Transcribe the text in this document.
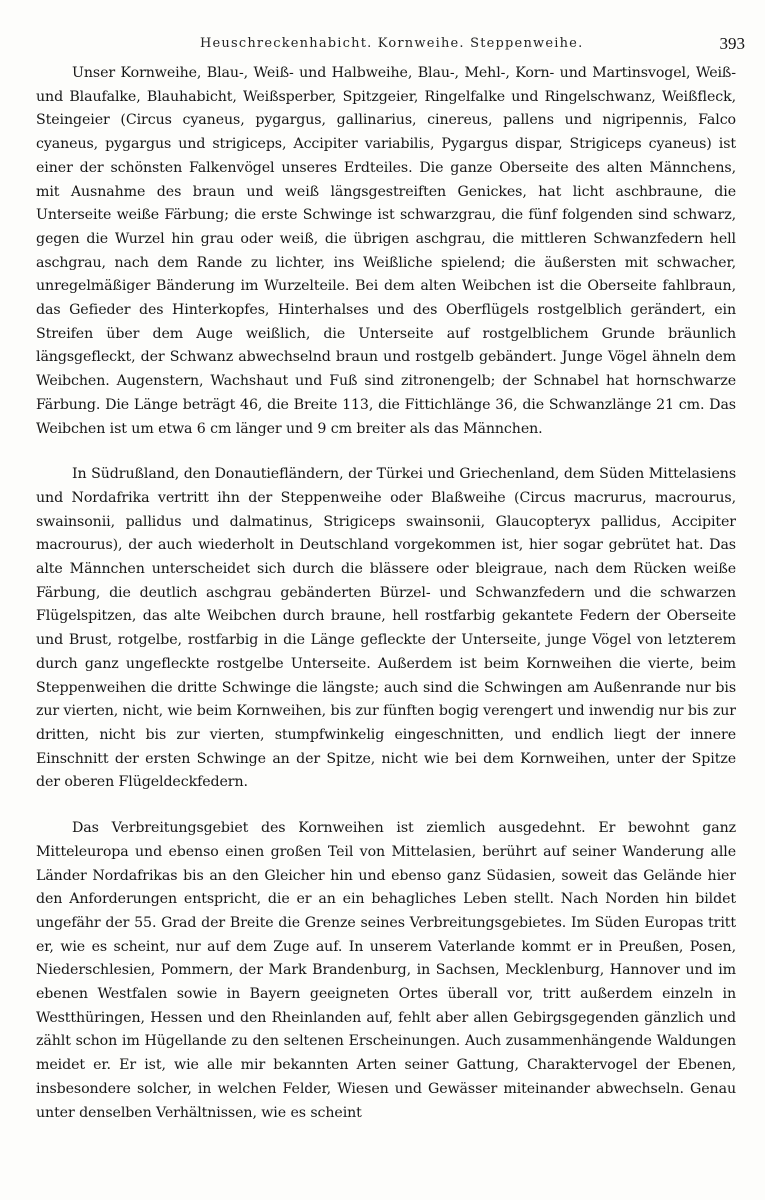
Heuschreckenhabicht. Kornweihe. Steppenweihe.	393

Unser Kornweihe, Blau-, Weiß- und Halbweihe, Blau-, Mehl-, Korn- und Martinsvogel, Weiß- und Blaufalke, Blauhabicht, Weißsperber, Spitzgeier, Ringelfalke und Ringelschwanz, Weißfleck, Steingeier (Circus cyaneus, pygargus, gallinarius, cinereus, pallens und nigripennis, Falco cyaneus, pygargus und strigiceps, Accipiter variabilis, Pygargus dispar, Strigiceps cyaneus) ist einer der schönsten Falkenvögel unseres Erdteiles. Die ganze Oberseite des alten Männchens, mit Ausnahme des braun und weiß längsgestreiften Genickes, hat licht aschbraune, die Unterseite weiße Färbung; die erste Schwinge ist schwarzgrau, die fünf folgenden sind schwarz, gegen die Wurzel hin grau oder weiß, die übrigen aschgrau, die mittleren Schwanzfedern hell aschgrau, nach dem Rande zu lichter, ins Weißliche spielend; die äußersten mit schwacher, unregelmäßiger Bänderung im Wurzelteile. Bei dem alten Weibchen ist die Oberseite fahlbraun, das Gefieder des Hinterkopfes, Hinterhalses und des Oberflügels rostgelblich gerändert, ein Streifen über dem Auge weißlich, die Unterseite auf rostgelblichem Grunde bräunlich längsgefleckt, der Schwanz abwechselnd braun und rostgelb gebändert. Junge Vögel ähneln dem Weibchen. Augenstern, Wachshaut und Fuß sind zitronengelb; der Schnabel hat hornschwarze Färbung. Die Länge beträgt 46, die Breite 113, die Fittichlänge 36, die Schwanzlänge 21 cm. Das Weibchen ist um etwa 6 cm länger und 9 cm breiter als das Männchen.

In Südrußland, den Donautiefländern, der Türkei und Griechenland, dem Süden Mittelasiens und Nordafrika vertritt ihn der Steppenweihe oder Blaßweihe (Circus macrurus, macrourus, swainsonii, pallidus und dalmatinus, Strigiceps swainsonii, Glaucopteryx pallidus, Accipiter macrourus), der auch wiederholt in Deutschland vorgekommen ist, hier sogar gebrütet hat. Das alte Männchen unterscheidet sich durch die blässere oder bleigraue, nach dem Rücken weiße Färbung, die deutlich aschgrau gebänderten Bürzel- und Schwanzfedern und die schwarzen Flügelspitzen, das alte Weibchen durch braune, hell rostfarbig gekantete Federn der Oberseite und Brust, rotgelbe, rostfarbig in die Länge gefleckte der Unterseite, junge Vögel von letzterem durch ganz ungefleckte rostgelbe Unterseite. Außerdem ist beim Kornweihen die vierte, beim Steppenweihen die dritte Schwinge die längste; auch sind die Schwingen am Außenrande nur bis zur vierten, nicht, wie beim Kornweihen, bis zur fünften bogig verengert und inwendig nur bis zur dritten, nicht bis zur vierten, stumpfwinkelig eingeschnitten, und endlich liegt der innere Einschnitt der ersten Schwinge an der Spitze, nicht wie bei dem Kornweihen, unter der Spitze der oberen Flügeldeckfedern.

Das Verbreitungsgebiet des Kornweihen ist ziemlich ausgedehnt. Er bewohnt ganz Mitteleuropa und ebenso einen großen Teil von Mittelasien, berührt auf seiner Wanderung alle Länder Nordafrikas bis an den Gleicher hin und ebenso ganz Südasien, soweit das Gelände hier den Anforderungen entspricht, die er an ein behagliches Leben stellt. Nach Norden hin bildet ungefähr der 55. Grad der Breite die Grenze seines Verbreitungsgebietes. Im Süden Europas tritt er, wie es scheint, nur auf dem Zuge auf. In unserem Vaterlande kommt er in Preußen, Posen, Niederschlesien, Pommern, der Mark Brandenburg, in Sachsen, Mecklenburg, Hannover und im ebenen Westfalen sowie in Bayern geeigneten Ortes überall vor, tritt außerdem einzeln in Westthüringen, Hessen und den Rheinlanden auf, fehlt aber allen Gebirgsgegenden gänzlich und zählt schon im Hügellande zu den seltenen Erscheinungen. Auch zusammenhängende Waldungen meidet er. Er ist, wie alle mir bekannten Arten seiner Gattung, Charaktervogel der Ebenen, insbesondere solcher, in welchen Felder, Wiesen und Gewässer miteinander abwechseln. Genau unter denselben Verhältnissen, wie es scheint
